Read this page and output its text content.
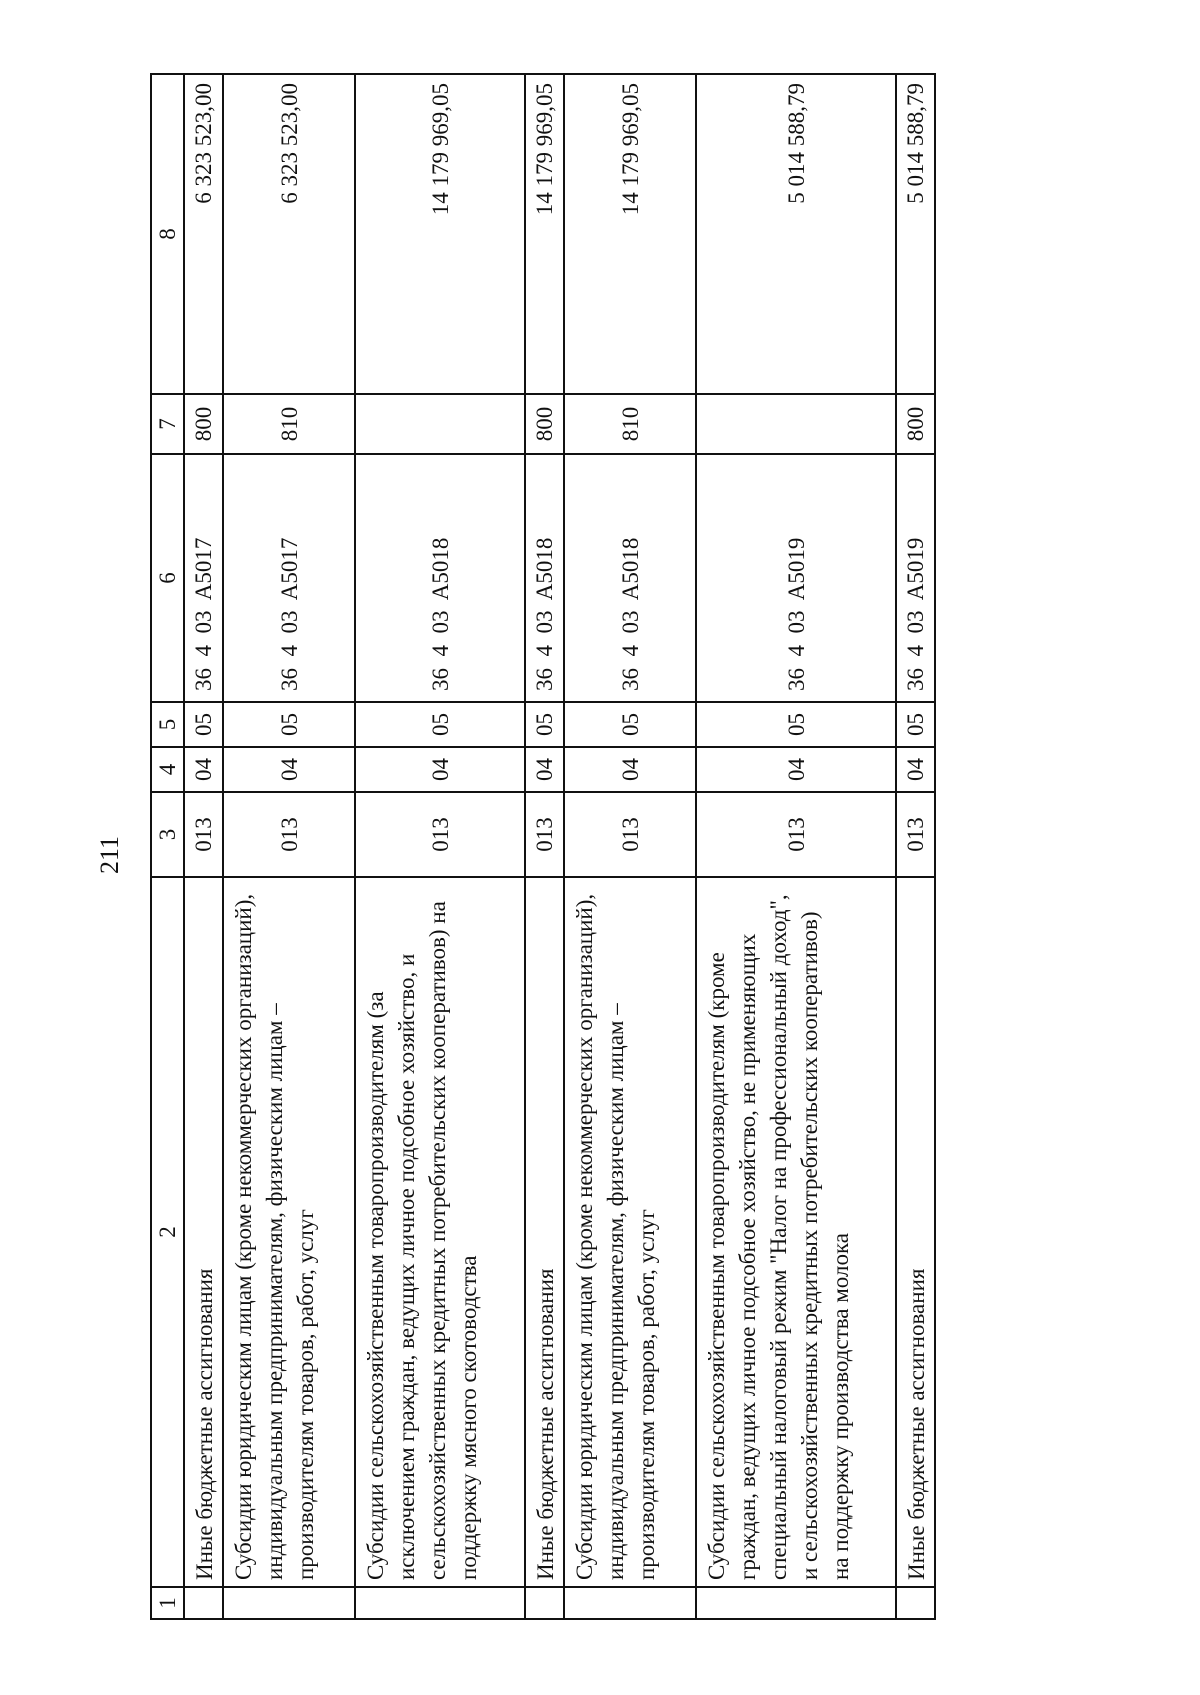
211
1	2	3	4	5	6	7	8
	Иные бюджетные ассигнования	013	04	05	36  4  03  A5017	800	6 323 523,00
	Субсидии юридическим лицам (кроме некоммерческих организаций), индивидуальным предпринимателям, физическим лицам – производителям товаров, работ, услуг	013	04	05	36  4  03  A5017	810	6 323 523,00
	Субсидии сельскохозяйственным товаропроизводителям (за исключением граждан, ведущих личное подсобное хозяйство, и сельскохозяйственных кредитных потребительских кооперативов) на поддержку мясного скотоводства	013	04	05	36  4  03  A5018		14 179 969,05
	Иные бюджетные ассигнования	013	04	05	36  4  03  A5018	800	14 179 969,05
	Субсидии юридическим лицам (кроме некоммерческих организаций), индивидуальным предпринимателям, физическим лицам – производителям товаров, работ, услуг	013	04	05	36  4  03  A5018	810	14 179 969,05
	Субсидии сельскохозяйственным товаропроизводителям (кроме граждан, ведущих личное подсобное хозяйство, не применяющих специальный налоговый режим "Налог на профессиональный доход", и сельскохозяйственных кредитных потребительских кооперативов) на поддержку производства молока	013	04	05	36  4  03  A5019		5 014 588,79
	Иные бюджетные ассигнования	013	04	05	36  4  03  A5019	800	5 014 588,79
